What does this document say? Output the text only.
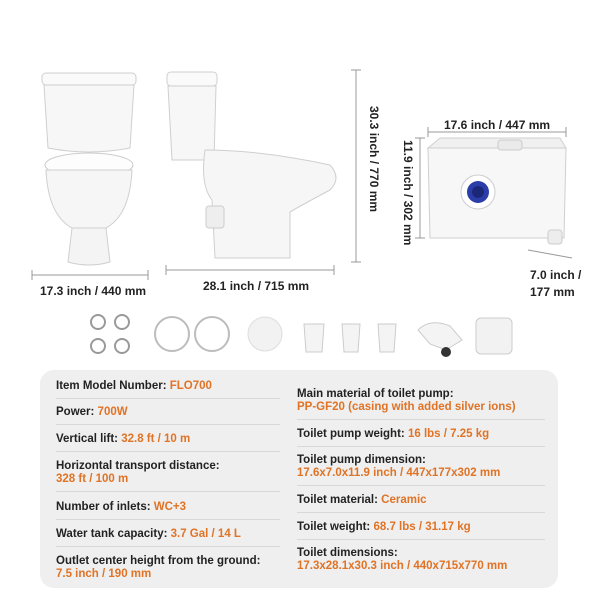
17.3 inch / 440 mm	28.1 inch / 715 mm
30.3 inch / 770 mm	17.6 inch / 447 mm
11.9 inch / 302 mm
7.0 inch /
177 mm
Item Model Number: FLO700
Power: 700W
Vertical lift: 32.8 ft / 10 m
Horizontal transport distance:
328 ft / 100 m
Number of inlets: WC+3
Water tank capacity: 3.7 Gal / 14 L
Outlet center height from the ground:
7.5 inch / 190 mm
Main material of toilet pump:
PP-GF20 (casing with added silver ions)
Toilet pump weight: 16 lbs / 7.25 kg
Toilet pump dimension:
17.6x7.0x11.9 inch / 447x177x302 mm
Toilet material: Ceramic
Toilet weight: 68.7 lbs / 31.17 kg
Toilet dimensions:
17.3x28.1x30.3 inch / 440x715x770 mm
